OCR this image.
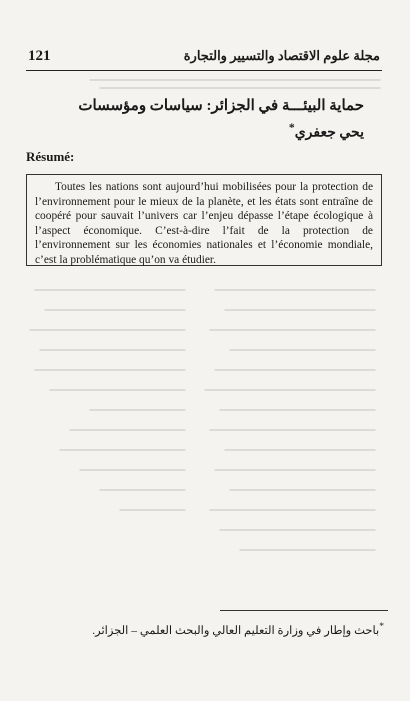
121	مجلة علوم الاقتصاد والتسيير والتجارة
حماية البيئـــة في الجزائر: سياسات ومؤسسات
يحي جعفري*
Résumé:

Toutes les nations sont aujourd’hui mobilisées pour la protection de l’environnement pour le mieux de la planète, et les états sont entraîne de coopéré pour sauvait l’univers car l’enjeu dépasse l’étape écologique à l’aspect économique. C’est-à-dire l’fait de la protection de l’environnement sur les économies nationales et l’économie mondiale, c’est la problématique qu’on va étudier.

*باحث وإطار في وزارة التعليم العالي والبحث العلمي – الجزائر.
